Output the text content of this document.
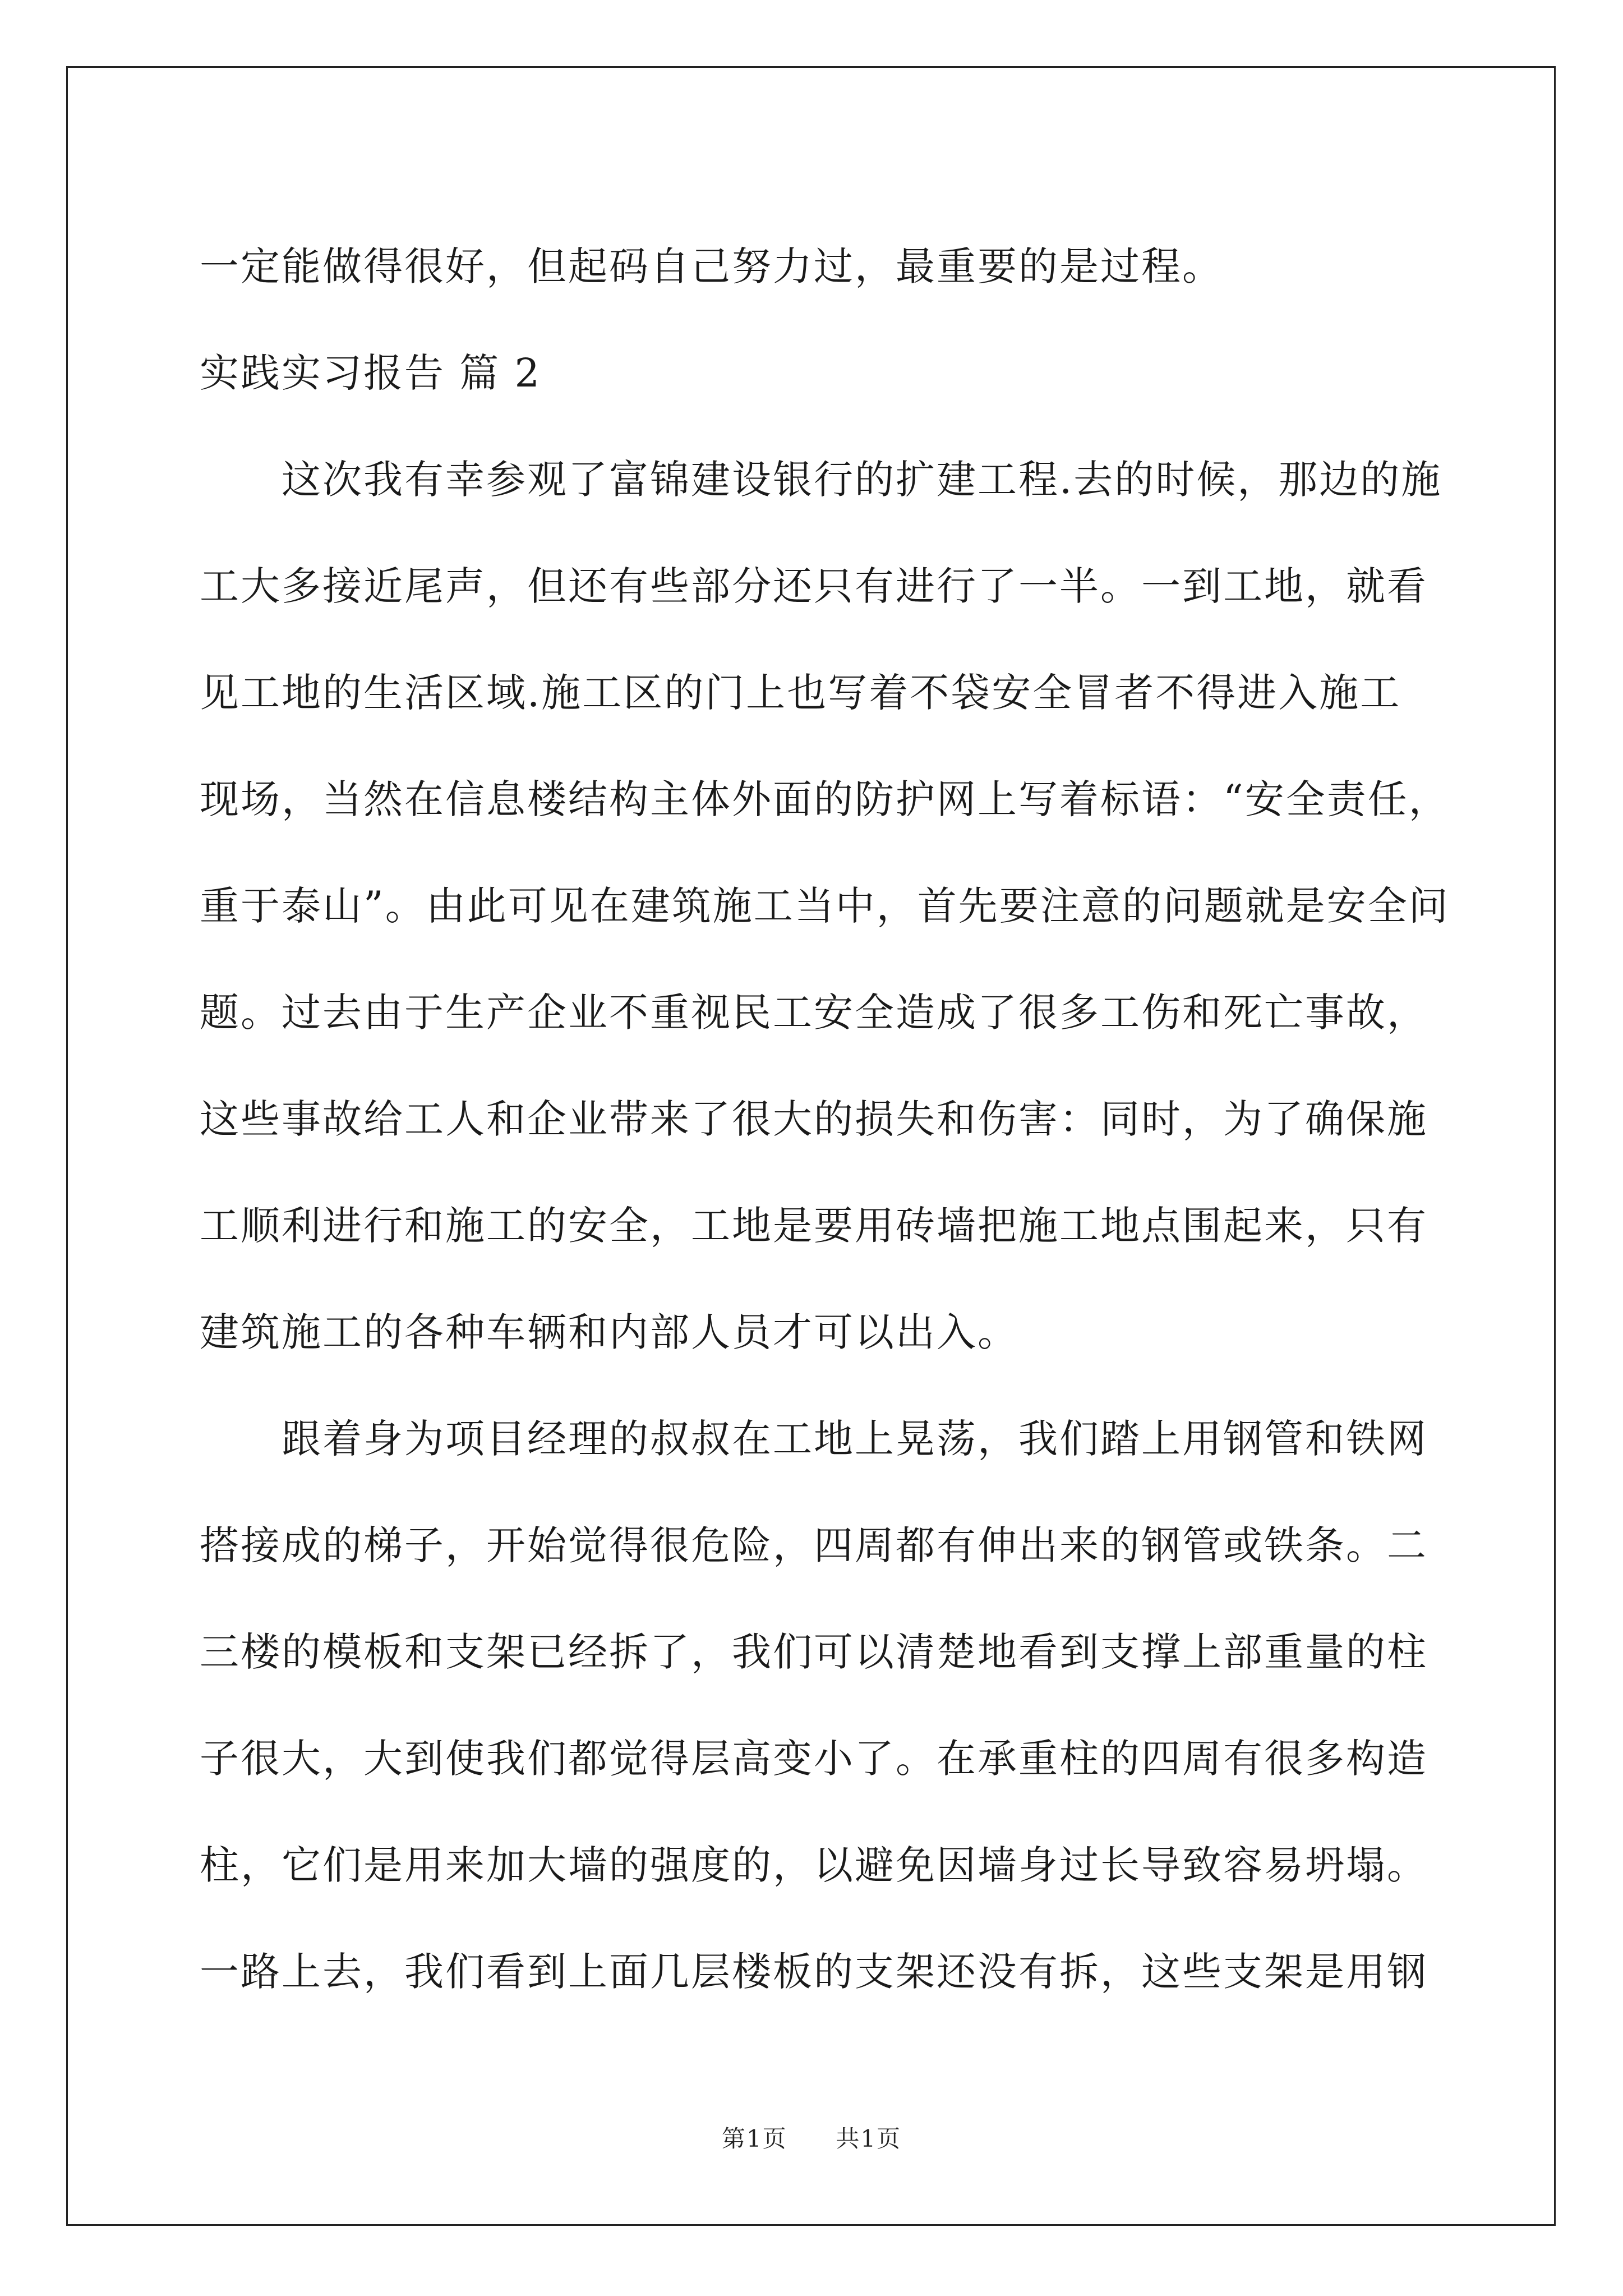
一定能做得很好，但起码自己努力过，最重要的是过程。
实践实习报告 篇 2
　　这次我有幸参观了富锦建设银行的扩建工程.去的时候，那边的施
工大多接近尾声，但还有些部分还只有进行了一半。一到工地，就看
见工地的生活区域.施工区的门上也写着不袋安全冒者不得进入施工
现场，当然在信息楼结构主体外面的防护网上写着标语：“安全责任，
重于泰山”。由此可见在建筑施工当中，首先要注意的问题就是安全问
题。过去由于生产企业不重视民工安全造成了很多工伤和死亡事故，
这些事故给工人和企业带来了很大的损失和伤害：同时，为了确保施
工顺利进行和施工的安全，工地是要用砖墙把施工地点围起来，只有
建筑施工的各种车辆和内部人员才可以出入。
　　跟着身为项目经理的叔叔在工地上晃荡，我们踏上用钢管和铁网
搭接成的梯子，开始觉得很危险，四周都有伸出来的钢管或铁条。二
三楼的模板和支架已经拆了，我们可以清楚地看到支撑上部重量的柱
子很大，大到使我们都觉得层高变小了。在承重柱的四周有很多构造
柱，它们是用来加大墙的强度的，以避免因墙身过长导致容易坍塌。
一路上去，我们看到上面几层楼板的支架还没有拆，这些支架是用钢
第1页 共1页
